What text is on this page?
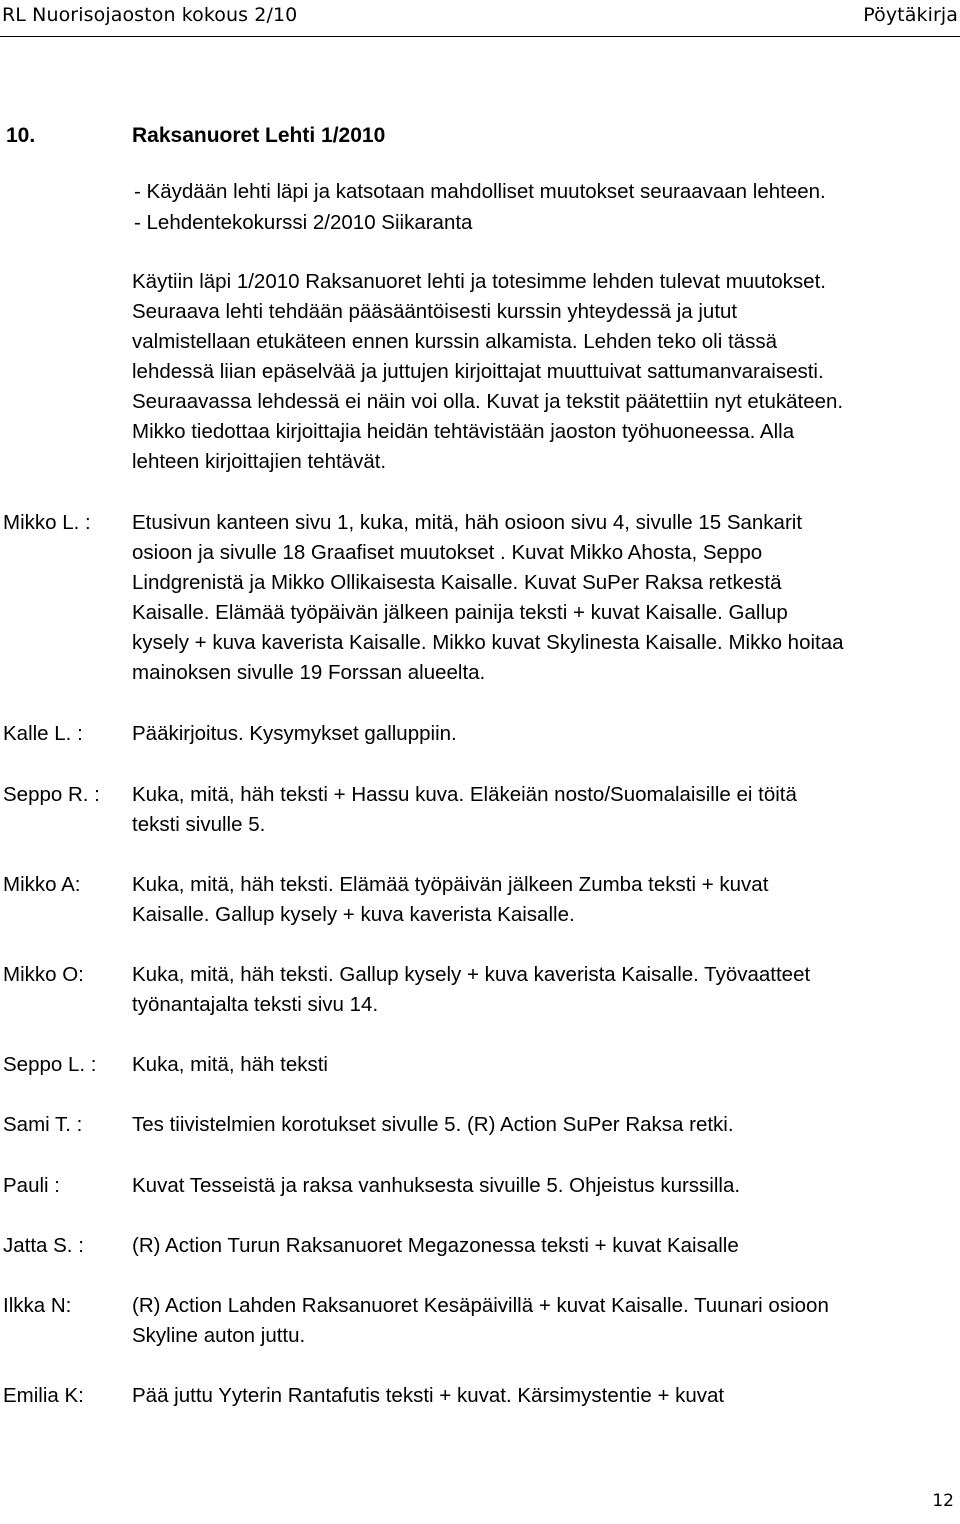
RL Nuorisojaoston kokous 2/10	Pöytäkirja
10.	Raksanuoret Lehti 1/2010
- Käydään lehti läpi ja katsotaan mahdolliset muutokset seuraavaan lehteen.
- Lehdentekokurssi 2/2010 Siikaranta
Käytiin läpi 1/2010 Raksanuoret lehti ja totesimme lehden tulevat muutokset.
Seuraava lehti tehdään pääsääntöisesti kurssin yhteydessä ja jutut
valmistellaan etukäteen ennen kurssin alkamista. Lehden teko oli tässä
lehdessä liian epäselvää ja juttujen kirjoittajat muuttuivat sattumanvaraisesti.
Seuraavassa lehdessä ei näin voi olla. Kuvat ja tekstit päätettiin nyt etukäteen.
Mikko tiedottaa kirjoittajia heidän tehtävistään jaoston työhuoneessa. Alla
lehteen kirjoittajien tehtävät.
Mikko L. : Etusivun kanteen sivu 1, kuka, mitä, häh osioon sivu 4, sivulle 15 Sankarit
osioon ja sivulle 18 Graafiset muutokset . Kuvat Mikko Ahosta, Seppo
Lindgrenistä ja Mikko Ollikaisesta Kaisalle. Kuvat SuPer Raksa retkestä
Kaisalle. Elämää työpäivän jälkeen painija teksti + kuvat Kaisalle. Gallup
kysely + kuva kaverista Kaisalle. Mikko kuvat Skylinesta Kaisalle. Mikko hoitaa
mainoksen sivulle 19 Forssan alueelta.
Kalle L. : Pääkirjoitus. Kysymykset galluppiin.
Seppo R. : Kuka, mitä, häh teksti + Hassu kuva. Eläkeiän nosto/Suomalaisille ei töitä
teksti sivulle 5.
Mikko A:	Kuka, mitä, häh teksti. Elämää työpäivän jälkeen Zumba teksti + kuvat
Kaisalle. Gallup kysely + kuva kaverista Kaisalle.
Mikko O: Kuka, mitä, häh teksti. Gallup kysely + kuva kaverista Kaisalle. Työvaatteet
työnantajalta teksti sivu 14.
Seppo L. : Kuka, mitä, häh teksti
Sami T. : Tes tiivistelmien korotukset sivulle 5. (R) Action SuPer Raksa retki.
Pauli :	Kuvat Tesseistä ja raksa vanhuksesta sivuille 5. Ohjeistus kurssilla.
Jatta S. : (R) Action Turun Raksanuoret Megazonessa teksti + kuvat Kaisalle
Ilkka N:	(R) Action Lahden Raksanuoret Kesäpäivillä + kuvat Kaisalle. Tuunari osioon
Skyline auton juttu.
Emilia K: Pää juttu Yyterin Rantafutis teksti + kuvat. Kärsimystentie + kuvat
12
